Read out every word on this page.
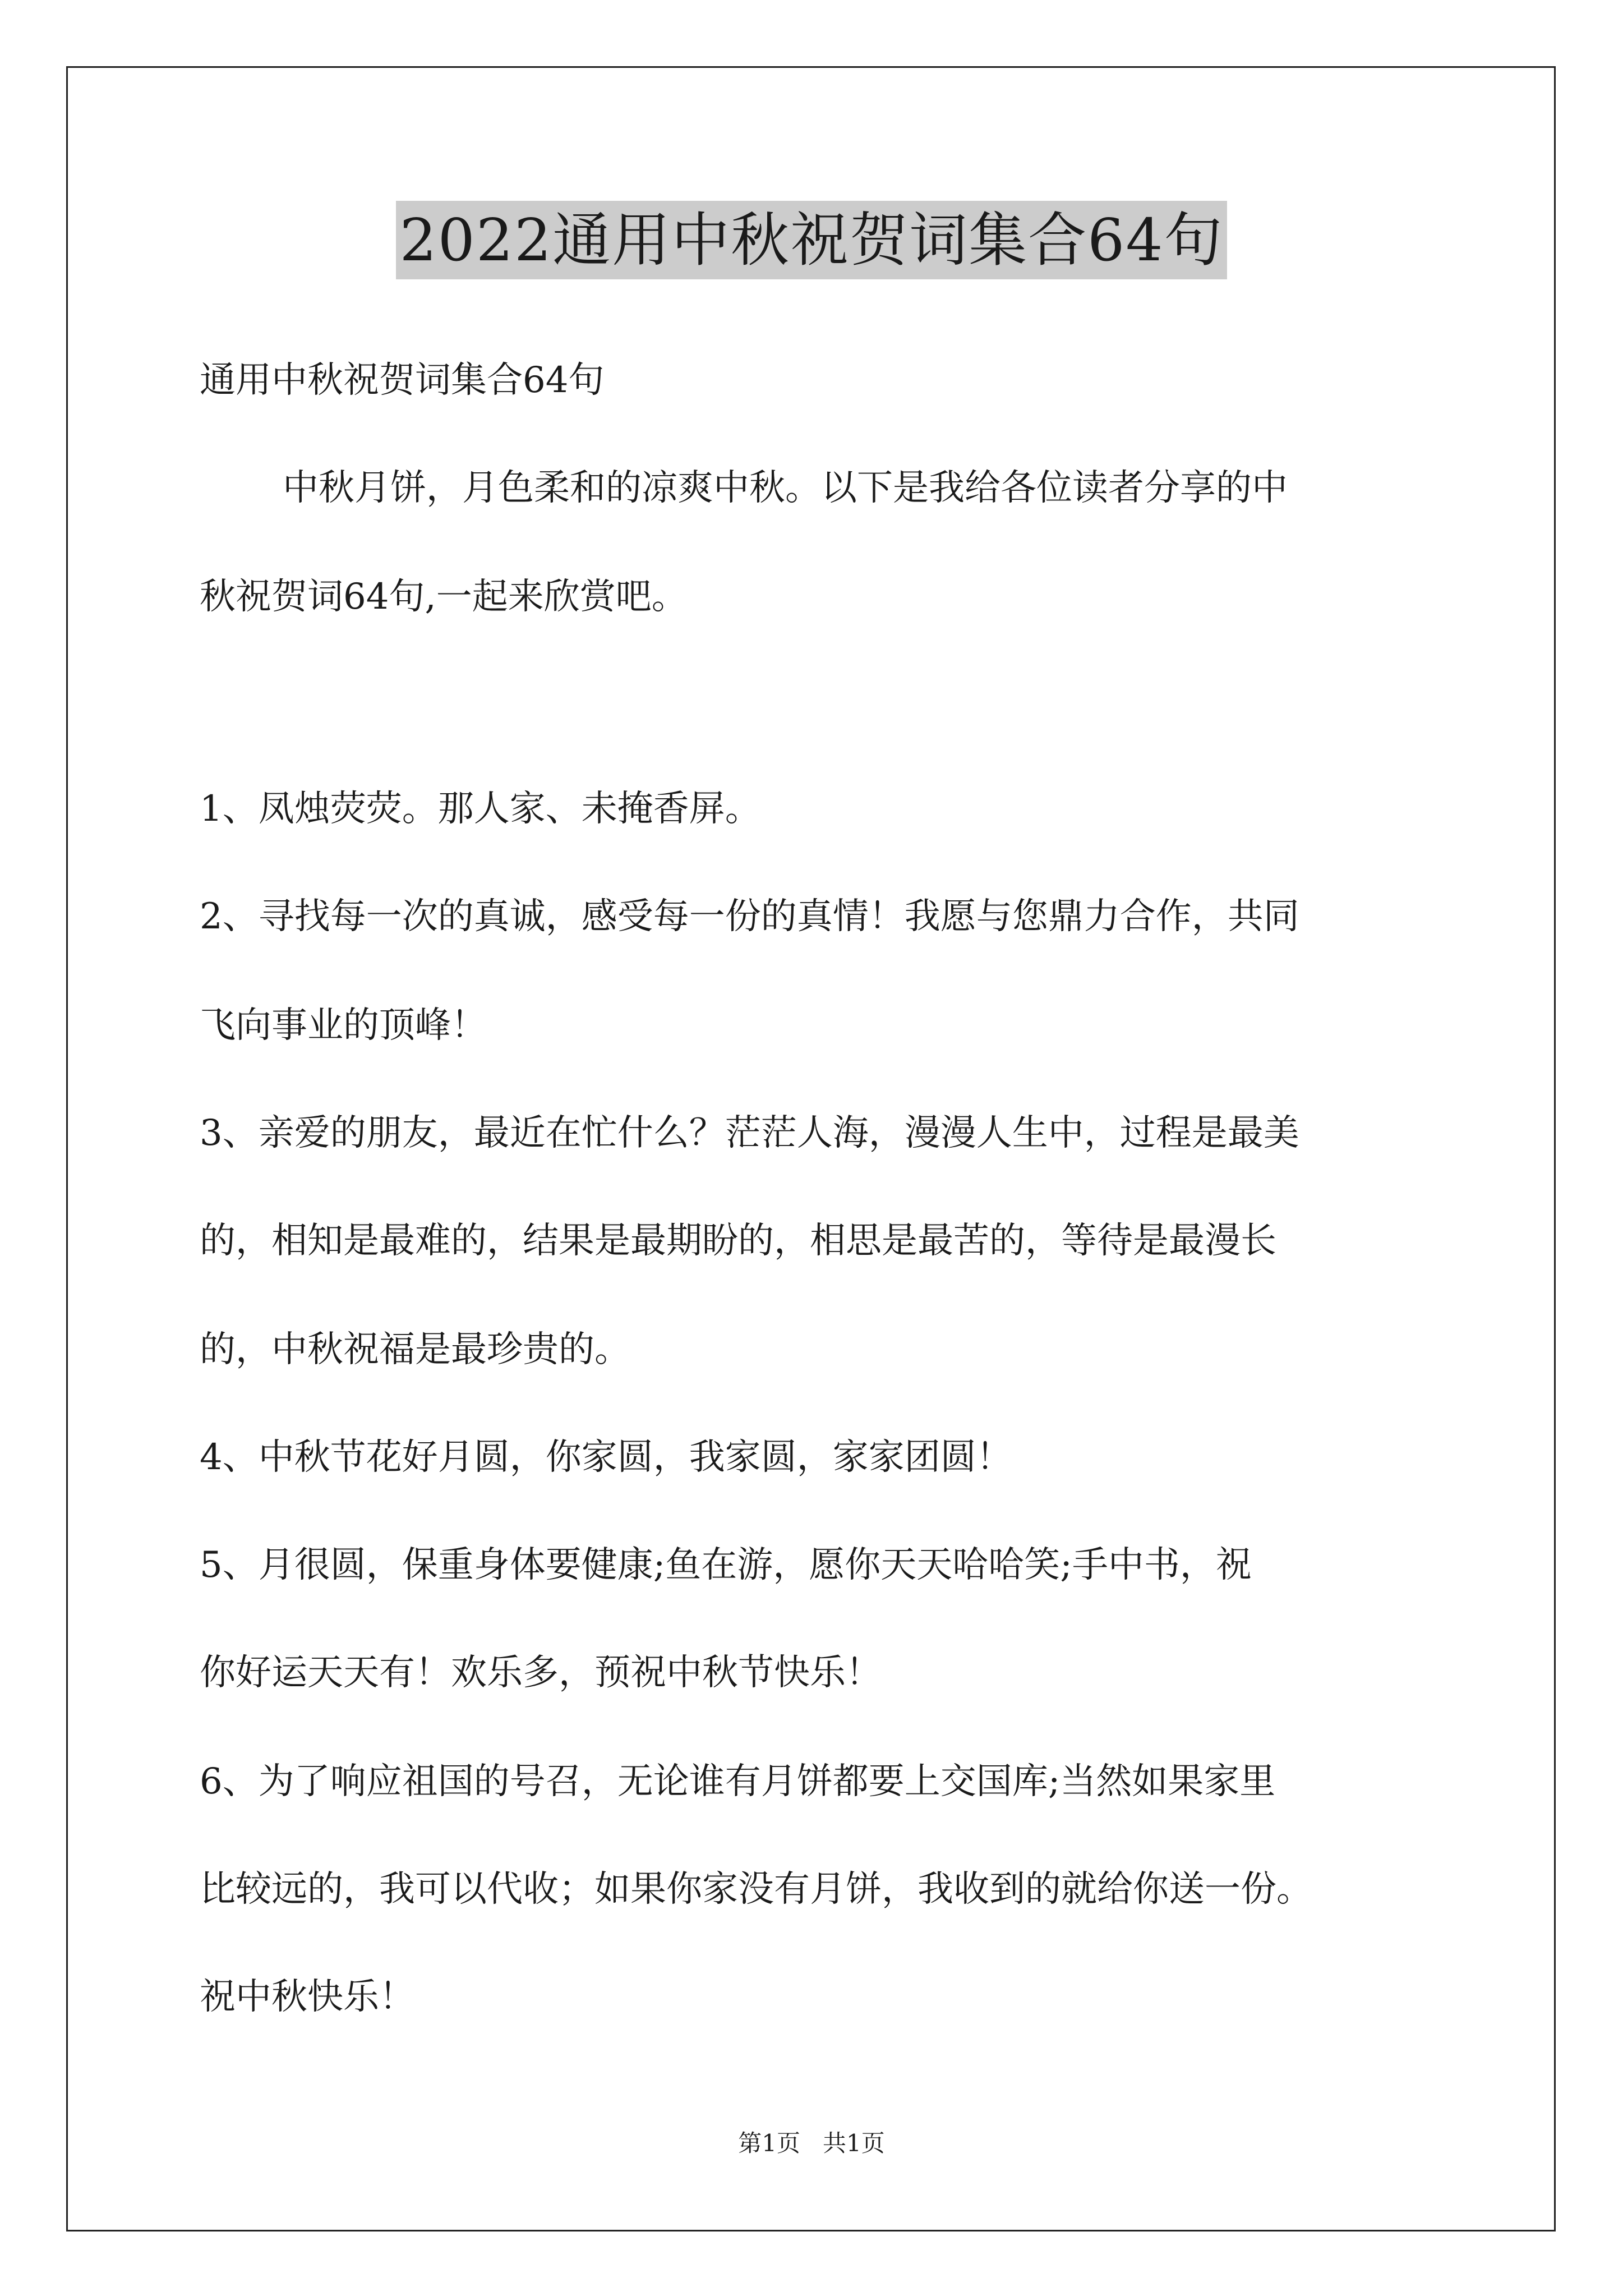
2022通用中秋祝贺词集合64句
通用中秋祝贺词集合64句
中秋月饼，月色柔和的凉爽中秋。以下是我给各位读者分享的中
秋祝贺词64句,一起来欣赏吧。
1、凤烛荧荧。那人家、未掩香屏。
2、寻找每一次的真诚，感受每一份的真情！我愿与您鼎力合作，共同
飞向事业的顶峰！
3、亲爱的朋友，最近在忙什么？茫茫人海，漫漫人生中，过程是最美
的，相知是最难的，结果是最期盼的，相思是最苦的，等待是最漫长
的，中秋祝福是最珍贵的。
4、中秋节花好月圆，你家圆，我家圆，家家团圆！
5、月很圆，保重身体要健康;鱼在游，愿你天天哈哈笑;手中书，祝
你好运天天有！欢乐多，预祝中秋节快乐！
6、为了响应祖国的号召，无论谁有月饼都要上交国库;当然如果家里
比较远的，我可以代收；如果你家没有月饼，我收到的就给你送一份。
祝中秋快乐！
第1页   共1页
